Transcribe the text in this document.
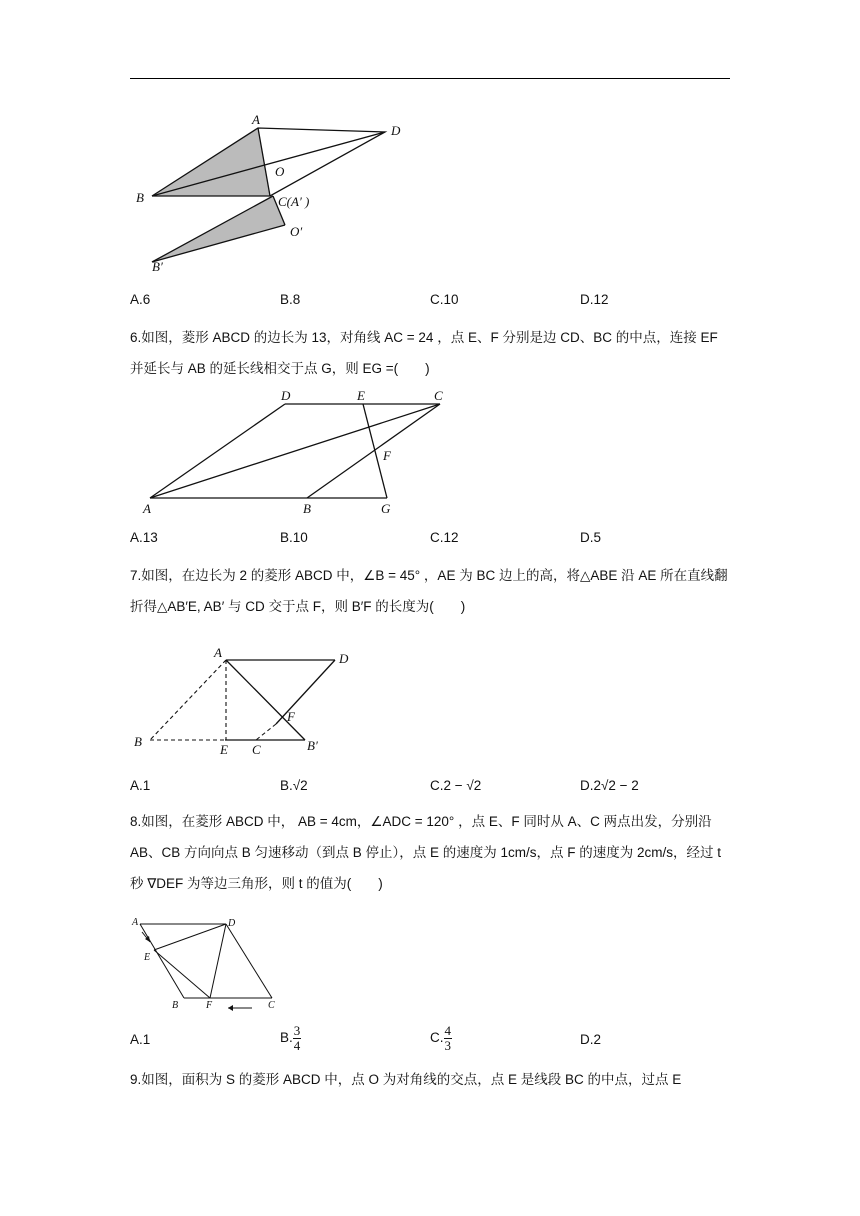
A
D
O
B	C(A′ )
O′
B′
A.6	B.8	C.10	D.12

6.如图，菱形 ABCD 的边长为 13，对角线 AC = 24 ，点 E、F 分别是边 CD、BC 的中点，连接 EF 并延长与 AB 的延长线相交于点 G，则 EG =(　　)

D	E	C
F
A	B	G
A.13	B.10	C.12	D.5

7.如图，在边长为 2 的菱形 ABCD 中，∠B = 45° ，AE 为 BC 边上的高，将△ABE 沿 AE 所在直线翻折得△AB′E, AB′ 与 CD 交于点 F，则 B′F 的长度为(　　)

A	D
F
B
E C	B′
A.1	B.√2	C.2 − √2	D.2√2 − 2

8.如图，在菱形 ABCD 中， AB = 4cm，∠ADC = 120° ，点 E、F 同时从 A、C 两点出发，分别沿 AB、CB 方向向点 B 匀速移动（到点 B 停止），点 E 的速度为 1cm/s，点 F 的速度为 2cm/s，经过 t 秒 ∇DEF 为等边三角形，则 t 的值为(　　)

A	D
E
B	F	C
A.1	B. $\frac{3}{4}$	C. $\frac{4}{3}$	D.2

9.如图，面积为 S 的菱形 ABCD 中，点 O 为对角线的交点，点 E 是线段 BC 的中点，过点 E
